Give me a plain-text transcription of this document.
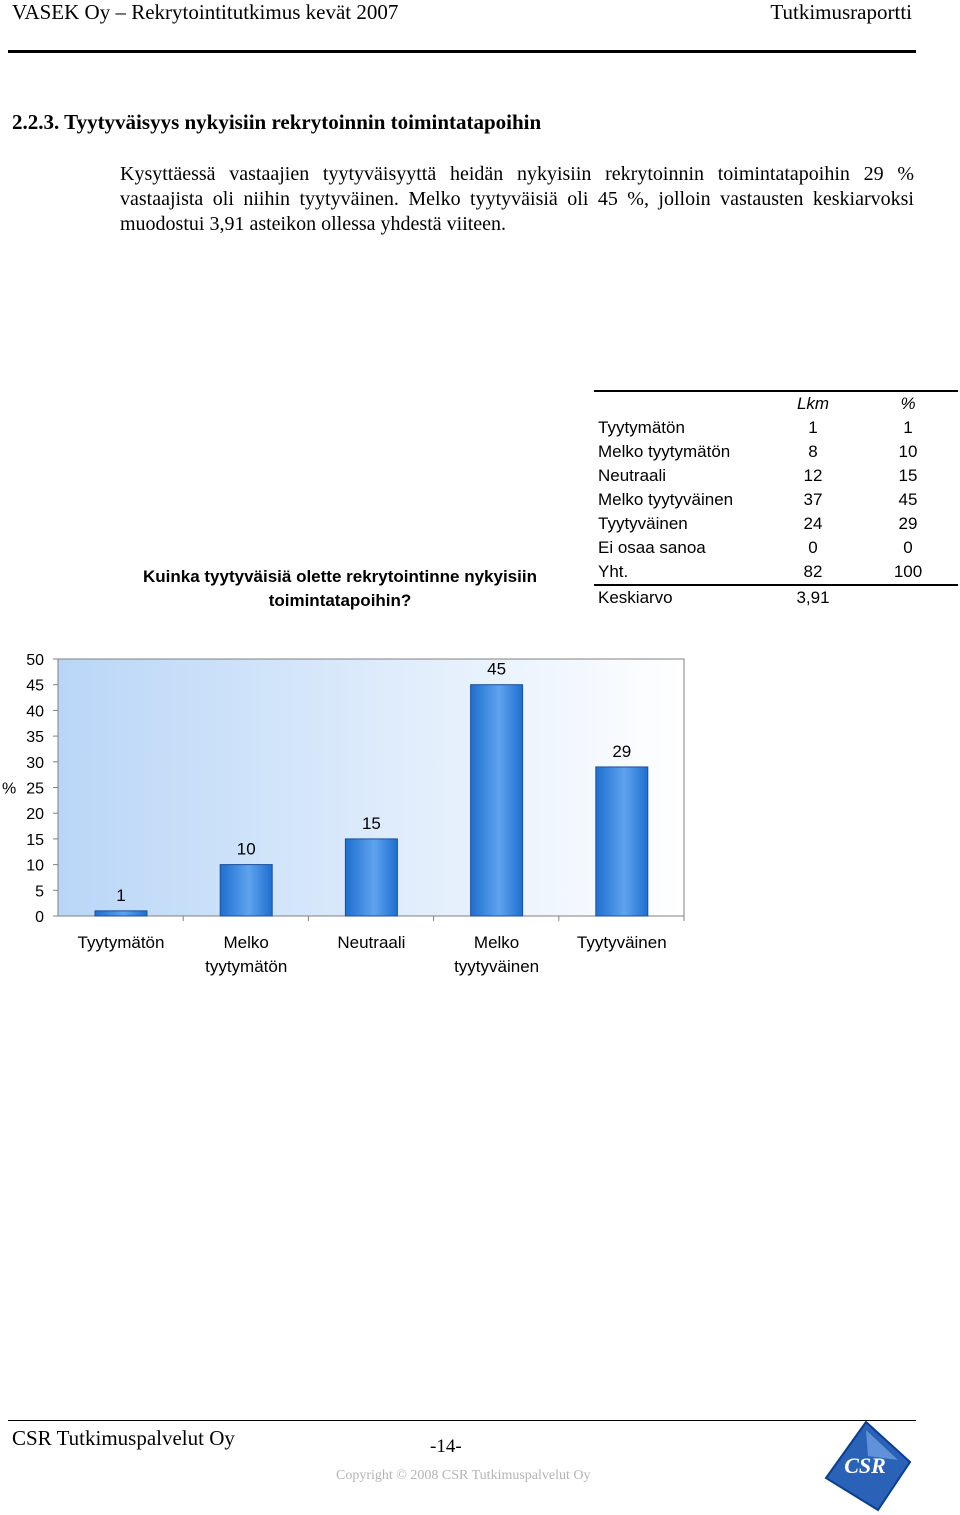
VASEK Oy – Rekrytointitutkimus kevät 2007	Tutkimusraportti
2.2.3. Tyytyväisyys nykyisiin rekrytoinnin toimintatapoihin
Kysyttäessä vastaajien tyytyväisyyttä heidän nykyisiin rekrytoinnin toimintatapoihin 29 % vastaajista oli niihin tyytyväinen. Melko tyytyväisiä oli 45 %, jolloin vastausten keskiarvoksi muodostui 3,91 asteikon ollessa yhdestä viiteen.
Kuinka tyytyväisiä olette rekrytointinne nykyisiin toimintatapoihin?
	Lkm	%
Tyytymätön	1	1
Melko tyytymätön	8	10
Neutraali	12	15
Melko tyytyväinen	37	45
Tyytyväinen	24	29
Ei osaa sanoa	0	0
Yht.	82	100
Keskiarvo	3,91	
0
5
10
15
20
25
30
35
40
45
50
%
1
Tyytymätön
10
Melko tyytymätön
15
Neutraali
45
Melko tyytyväinen
29
Tyytyväinen
CSR Tutkimuspalvelut Oy	-14-
Copyright © 2008 CSR Tutkimuspalvelut Oy	CSR
